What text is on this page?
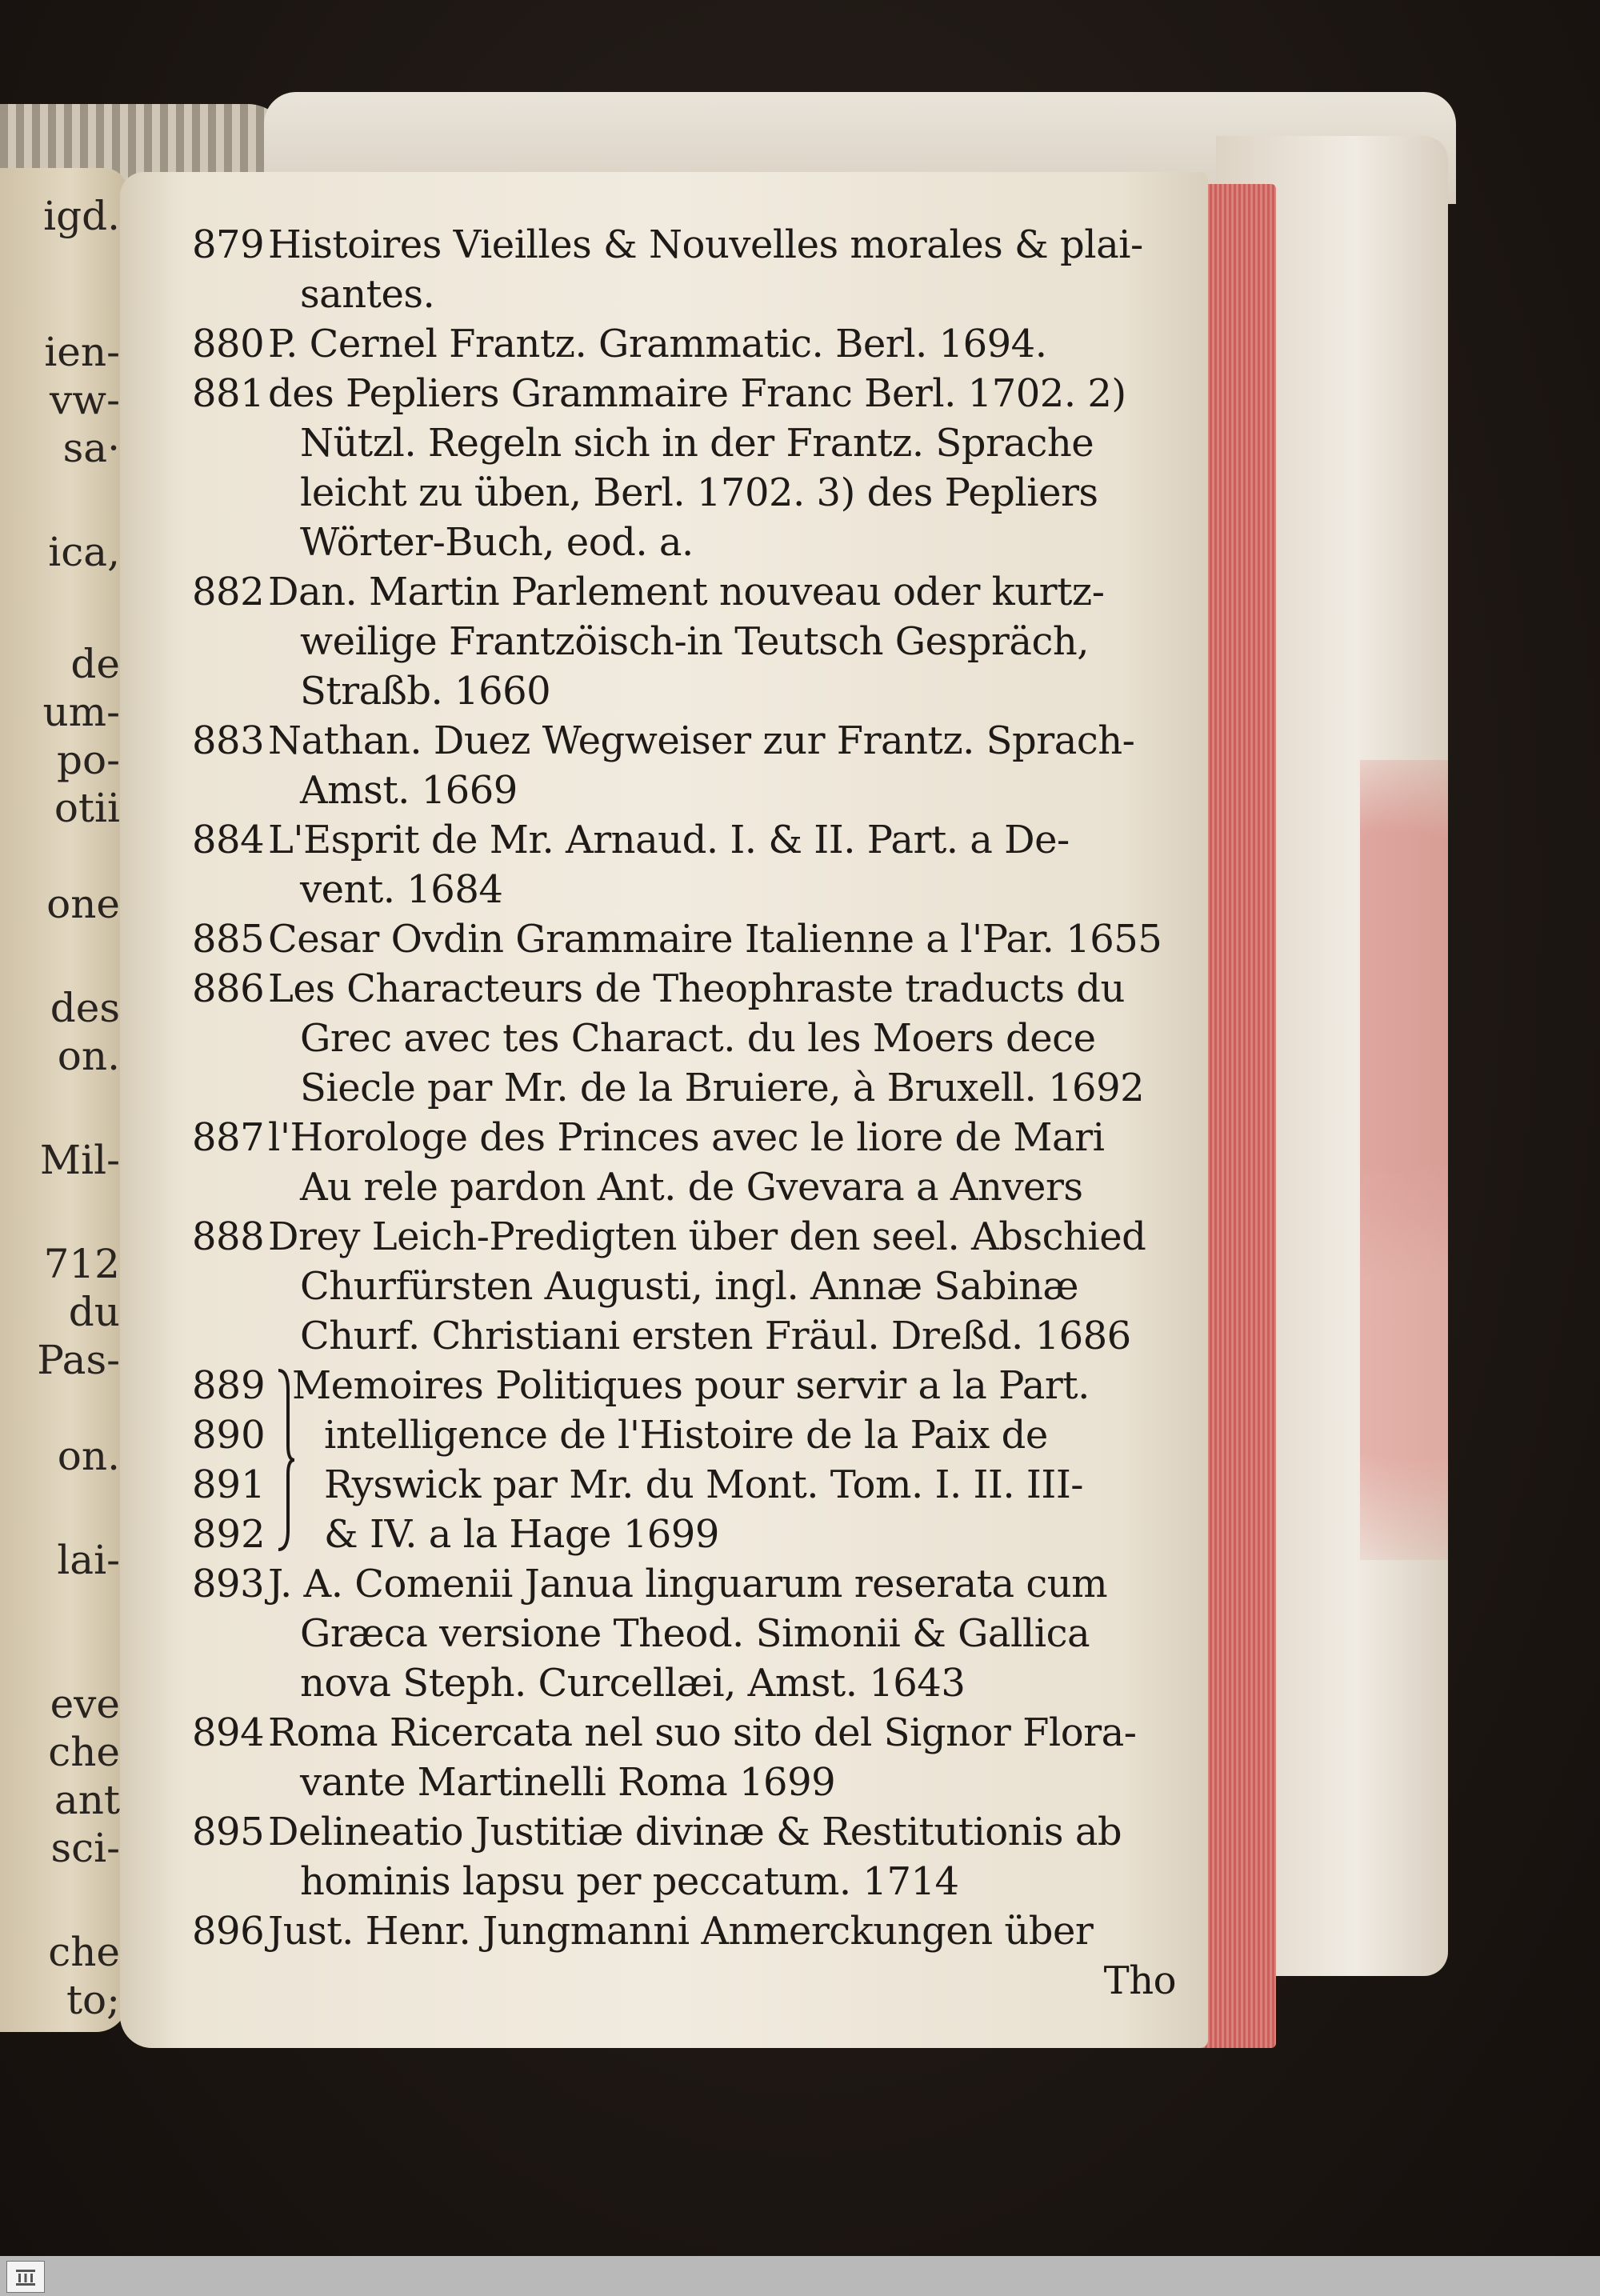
igd.
ien-
vw-
sa·
ica,
de
um-
po-
otii
one
des
on.
Mil-
712
du
Pas-
on.
lai-
eve
che
ant
sci-
che
to;
879 Histoires Vieilles & Nouvelles morales & plai-
santes.
880 P. Cernel Frantz. Grammatic. Berl. 1694.
881 des Pepliers Grammaire Franc Berl. 1702. 2)
Nützl. Regeln sich in der Frantz. Sprache
leicht zu üben, Berl. 1702. 3) des Pepliers
Wörter-Buch, eod. a.
882 Dan. Martin Parlement nouveau oder kurtz-
weilige Frantzöisch-in Teutsch Gespräch,
Straßb. 1660
883 Nathan. Duez Wegweiser zur Frantz. Sprach-
Amst. 1669
884 L'Esprit de Mr. Arnaud. I. & II. Part. a De-
vent. 1684
885 Cesar Ovdin Grammaire Italienne a l'Par. 1655
886 Les Characteurs de Theophraste traducts du
Grec avec tes Charact. du les Moers dece
Siecle par Mr. de la Bruiere, à Bruxell. 1692
887 l'Horologe des Princes avec le liore de Mari
Au rele pardon Ant. de Gvevara a Anvers
888 Drey Leich-Predigten über den seel. Abschied
Churfürsten Augusti, ingl. Annæ Sabinæ
Churf. Christiani ersten Fräul. Dreßd. 1686
889
890
891
892
Memoires Politiques pour servir a la Part.
intelligence de l'Histoire de la Paix de
Ryswick par Mr. du Mont. Tom. I. II. III-
& IV. a la Hage 1699
893 J. A. Comenii Janua linguarum reserata cum
Græca versione Theod. Simonii & Gallica
nova Steph. Curcellæi, Amst. 1643
894 Roma Ricercata nel suo sito del Signor Flora-
vante Martinelli Roma 1699
895 Delineatio Justitiæ divinæ & Restitutionis ab
hominis lapsu per peccatum. 1714
896 Just. Henr. Jungmanni Anmerckungen über
Tho
